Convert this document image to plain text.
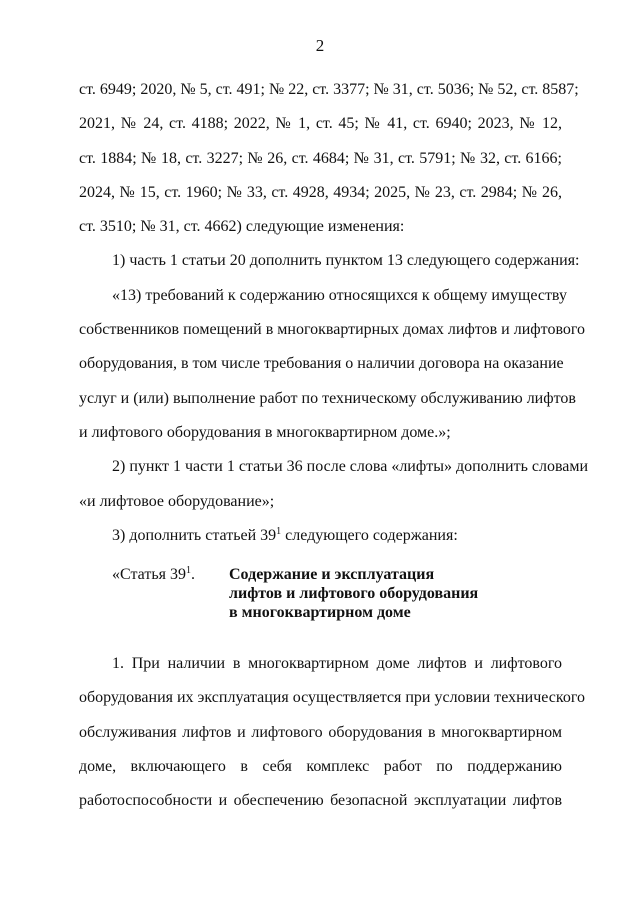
2
ст. 6949; 2020, № 5, ст. 491; № 22, ст. 3377; № 31, ст. 5036; № 52, ст. 8587;
2021, № 24, ст. 4188; 2022, № 1, ст. 45; № 41, ст. 6940; 2023, № 12,
ст. 1884; № 18, ст. 3227; № 26, ст. 4684; № 31, ст. 5791; № 32, ст. 6166;
2024, № 15, ст. 1960; № 33, ст. 4928, 4934; 2025, № 23, ст. 2984; № 26,
ст. 3510; № 31, ст. 4662) следующие изменения:
1) часть 1 статьи 20 дополнить пунктом 13 следующего содержания:
«13) требований к содержанию относящихся к общему имуществу
собственников помещений в многоквартирных домах лифтов и лифтового
оборудования, в том числе требования о наличии договора на оказание
услуг и (или) выполнение работ по техническому обслуживанию лифтов
и лифтового оборудования в многоквартирном доме.»;
2) пункт 1 части 1 статьи 36 после слова «лифты» дополнить словами
«и лифтовое оборудование»;
3) дополнить статьей $39^1$ следующего содержания:
«Статья $39^1$. Содержание и эксплуатация
лифтов и лифтового оборудования
в многоквартирном доме
1. При наличии в многоквартирном доме лифтов и лифтового
оборудования их эксплуатация осуществляется при условии технического
обслуживания лифтов и лифтового оборудования в многоквартирном
доме, включающего в себя комплекс работ по поддержанию
работоспособности и обеспечению безопасной эксплуатации лифтов
